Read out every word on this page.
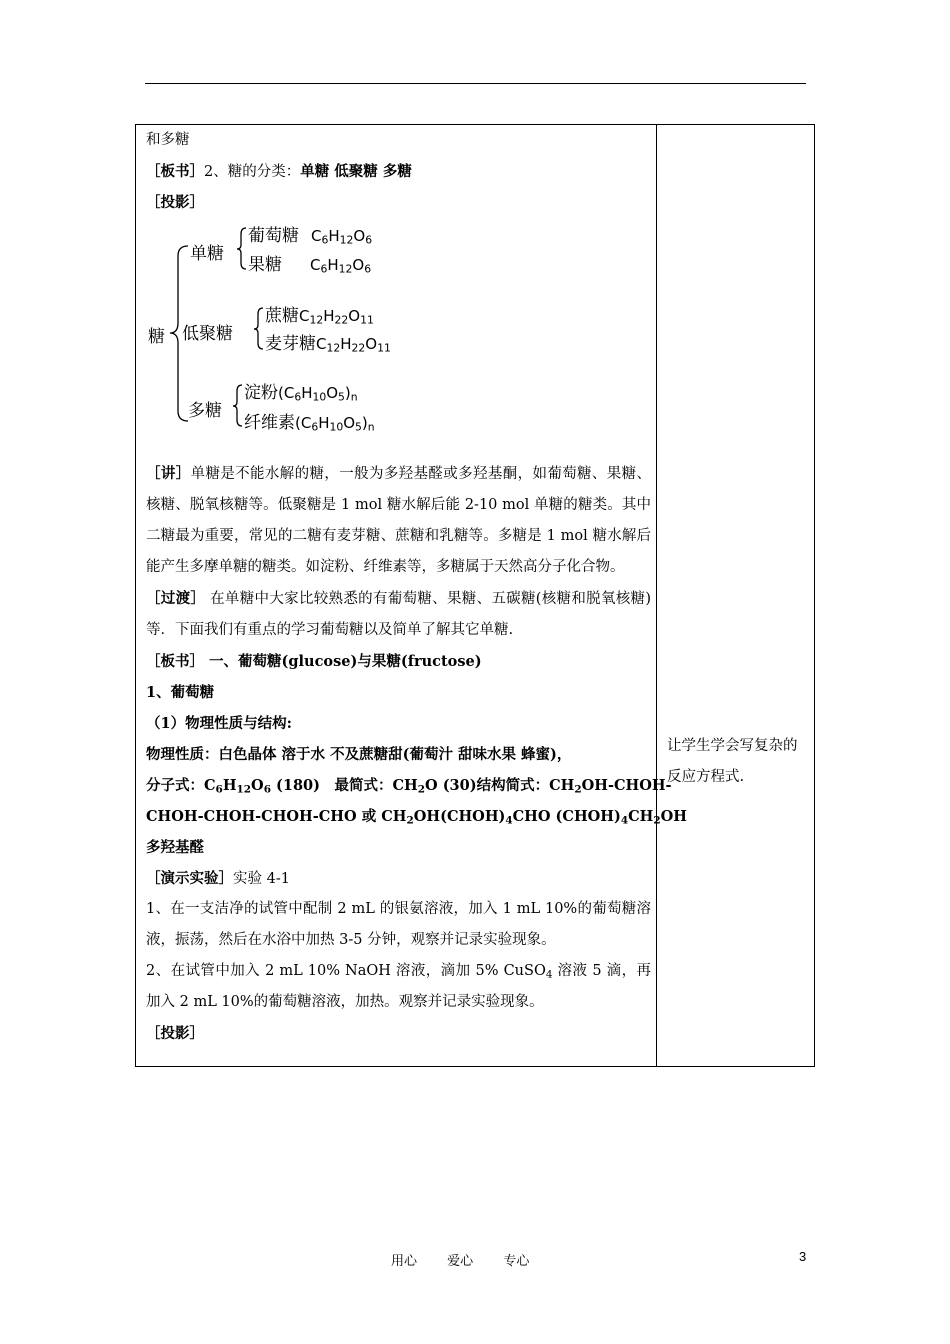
和多糖
［板书］2、糖的分类：单糖 低聚糖 多糖
［投影］
糖
单糖
低聚糖
多糖
葡萄糖 $C_6H_{12}O_6$
果糖 $C_6H_{12}O_6$
蔗糖$C_{12}H_{22}O_{11}$
麦芽糖$C_{12}H_{22}O_{11}$
淀粉$(C_6H_{10}O_5)_n$
纤维素$(C_6H_{10}O_5)_n$
［讲］单糖是不能水解的糖，一般为多羟基醛或多羟基酮，如葡萄糖、果糖、核糖、脱氧核糖等。低聚糖是 1 mol 糖水解后能 2-10 mol 单糖的糖类。其中二糖最为重要，常见的二糖有麦芽糖、蔗糖和乳糖等。多糖是 1 mol 糖水解后能产生多摩单糖的糖类。如淀粉、纤维素等，多糖属于天然高分子化合物。
［过渡］ 在单糖中大家比较熟悉的有葡萄糖、果糖、五碳糖(核糖和脱氧核糖)等．下面我们有重点的学习葡萄糖以及简单了解其它单糖.
［板书］ 一、葡萄糖(glucose)与果糖(fructose)
1、葡萄糖
（1）物理性质与结构:
物理性质：白色晶体 溶于水 不及蔗糖甜(葡萄汁 甜味水果 蜂蜜)，
分子式：$C_6H_{12}O_6$ (180)　最简式：$CH_2O$ (30)结构简式：$CH_2OH-CHOH-$
CHOH-CHOH-CHOH-CHO 或 $CH_2OH(CHOH)_4CHO$ $(CHOH)_4CH_2OH$
多羟基醛
［演示实验］实验 4-1
1、在一支洁净的试管中配制 2 mL 的银氨溶液，加入 1 mL 10%的葡萄糖溶液，振荡，然后在水浴中加热 3-5 分钟，观察并记录实验现象。
2、在试管中加入 2 mL 10% NaOH 溶液，滴加 5% CuSO$_4$ 溶液 5 滴，再加入 2 mL 10%的葡萄糖溶液，加热。观察并记录实验现象。
［投影］
让学生学会写复杂的反应方程式.
用心 爱心 专心	3
